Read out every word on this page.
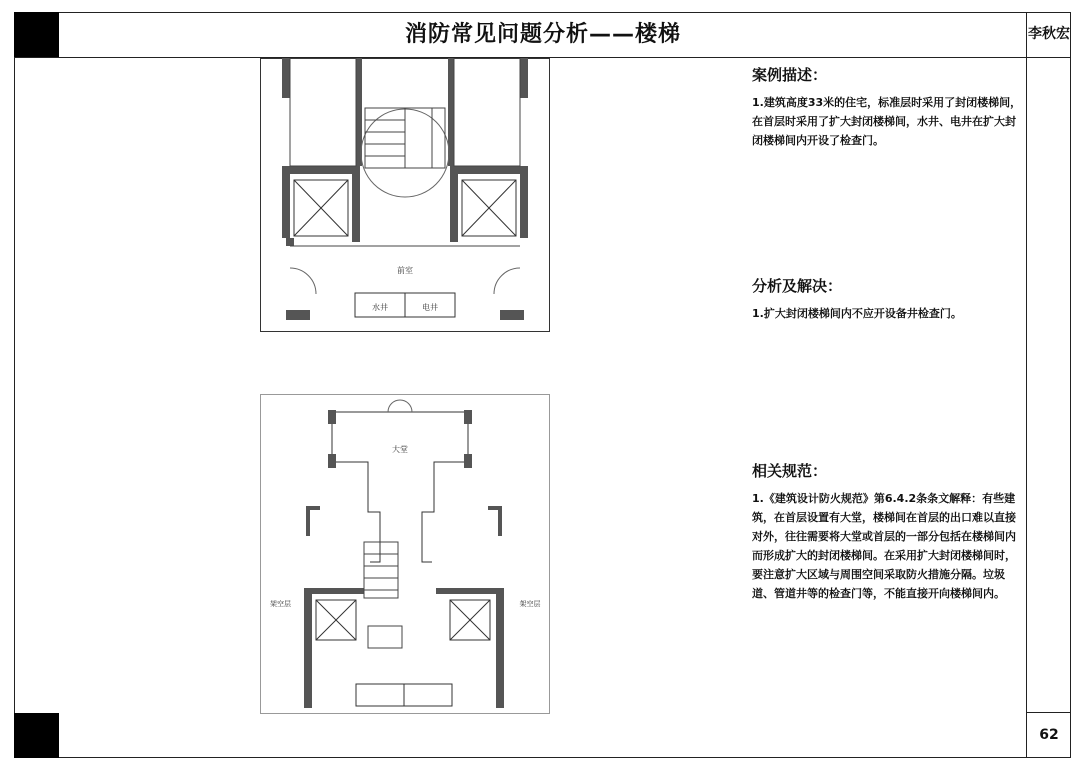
消防常见问题分析——楼梯	李秋宏
62
案例描述：

1.建筑高度33米的住宅，标准层时采用了封闭楼梯间，在首层时采用了扩大封闭楼梯间，水井、电井在扩大封闭楼梯间内开设了检查门。

分析及解决：

1.扩大封闭楼梯间内不应开设备井检查门。

相关规范：

1.《建筑设计防火规范》第6.4.2条条文解释：有些建筑，在首层设置有大堂，楼梯间在首层的出口难以直接对外，往往需要将大堂或首层的一部分包括在楼梯间内而形成扩大的封闭楼梯间。在采用扩大封闭楼梯间时，要注意扩大区域与周围空间采取防火措施分隔。垃圾道、管道井等的检查门等，不能直接开向楼梯间内。

前室
水井	电井
大堂
架空层	架空层
